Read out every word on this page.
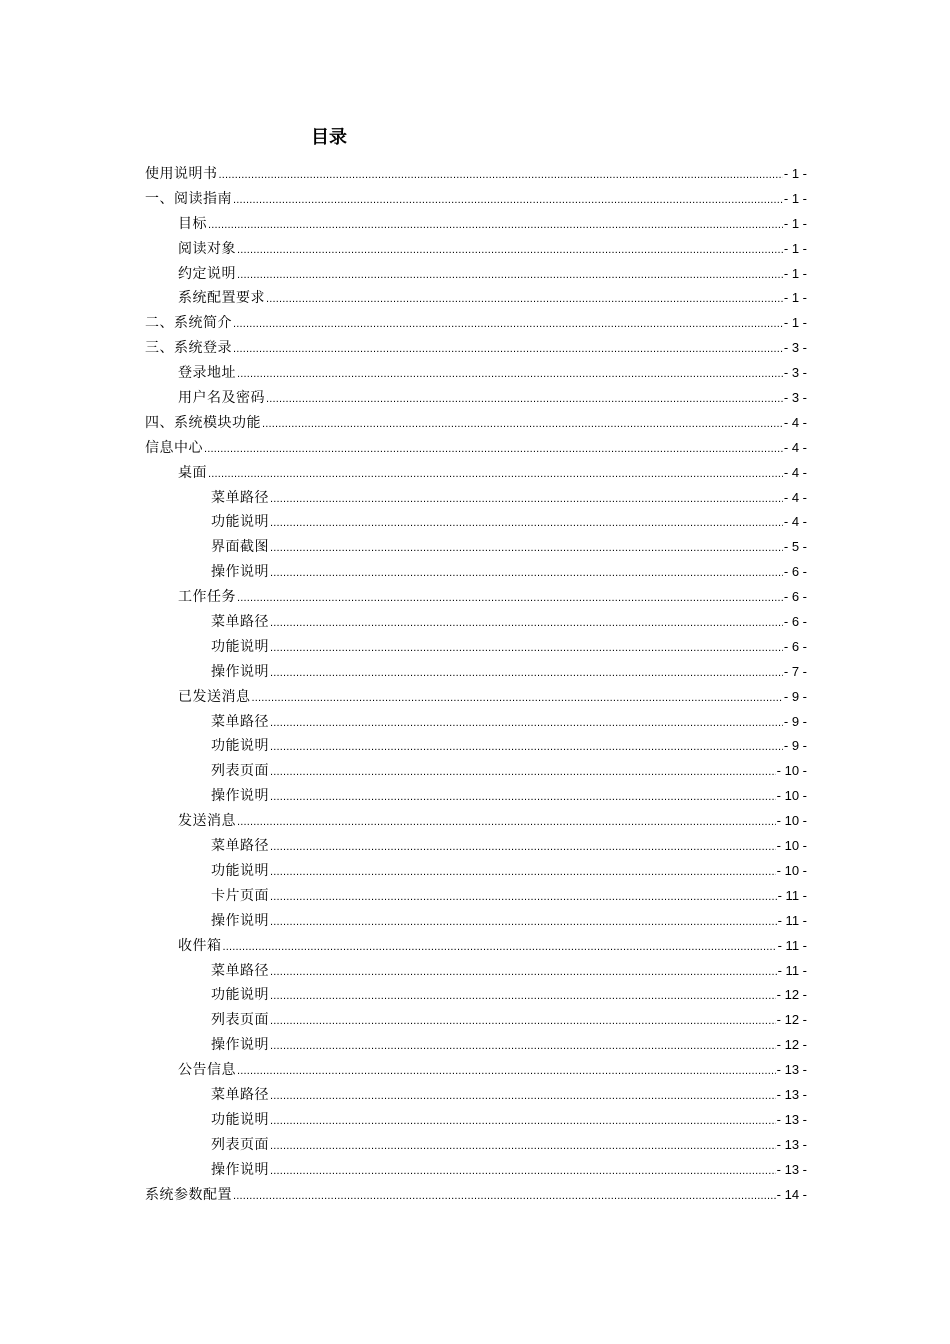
目录
使用说明书 .....	- 1 -
一、阅读指南 .....	- 1 -
目标 .....	- 1 -
阅读对象 .....	- 1 -
约定说明 .....	- 1 -
系统配置要求 .....	- 1 -
二、系统简介 .....	- 1 -
三、系统登录 .....	- 3 -
登录地址 .....	- 3 -
用户名及密码 .....	- 3 -
四、系统模块功能 .....	- 4 -
信息中心 .....	- 4 -
桌面 .....	- 4 -
菜单路径 .....	- 4 -
功能说明 .....	- 4 -
界面截图 .....	- 5 -
操作说明 .....	- 6 -
工作任务 .....	- 6 -
菜单路径 .....	- 6 -
功能说明 .....	- 6 -
操作说明 .....	- 7 -
已发送消息 .....	- 9 -
菜单路径 .....	- 9 -
功能说明 .....	- 9 -
列表页面 .....	- 10 -
操作说明 .....	- 10 -
发送消息 .....	- 10 -
菜单路径 .....	- 10 -
功能说明 .....	- 10 -
卡片页面 .....	- 11 -
操作说明 .....	- 11 -
收件箱 .....	- 11 -
菜单路径 .....	- 11 -
功能说明 .....	- 12 -
列表页面 .....	- 12 -
操作说明 .....	- 12 -
公告信息 .....	- 13 -
菜单路径 .....	- 13 -
功能说明 .....	- 13 -
列表页面 .....	- 13 -
操作说明 .....	- 13 -
系统参数配置 .....	- 14 -
